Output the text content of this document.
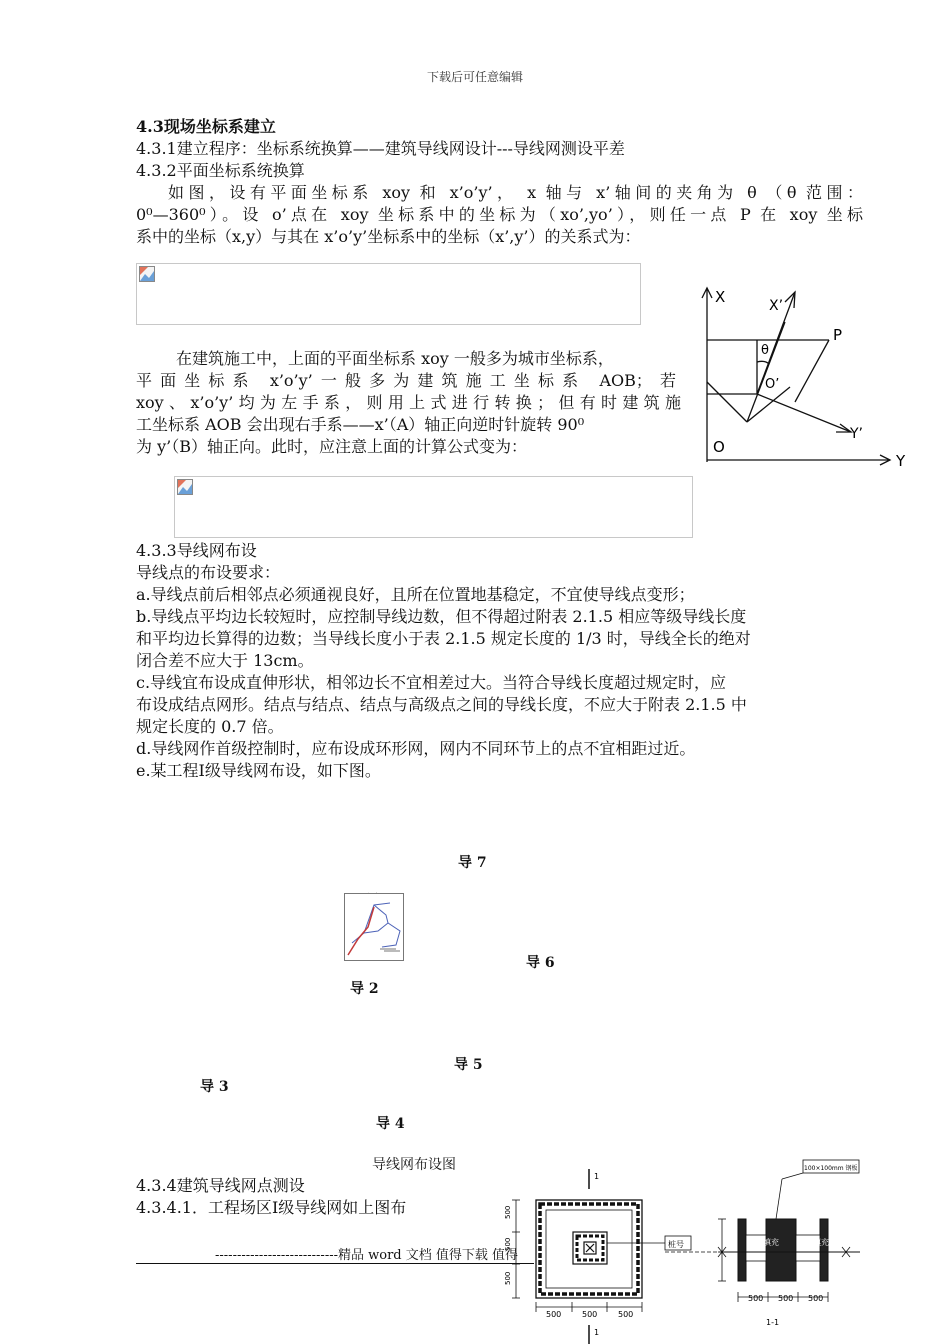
下载后可任意编辑
4.3现场坐标系建立
4.3.1建立程序：坐标系统换算——建筑导线网设计---导线网测设平差
4.3.2平面坐标系统换算
如图，设有平面坐标系 xoy 和 x’o’y’， x 轴与 x’轴间的夹角为 θ （θ 范围：
0⁰—360⁰）。设 o’点在 xoy 坐标系中的坐标为（xo’,yo’），则任一点 P 在 xoy 坐标
系中的坐标（x,y）与其在 x’o’y’坐标系中的坐标（x’,y’）的关系式为：
在建筑施工中，上面的平面坐标系 xoy 一般多为城市坐标系，
平面坐标系 x’o’y’一般多为建筑施工坐标系 AOB；若
xoy、x’o’y’均为左手系，则用上式进行转换；但有时建筑施
工坐标系 AOB 会出现右手系——x’（A）轴正向逆时针旋转 90⁰
为 y’（B）轴正向。此时，应注意上面的计算公式变为：
X	X’
P
θ
O’
Y’
O
Y
4.3.3导线网布设
导线点的布设要求：
a.导线点前后相邻点必须通视良好，且所在位置地基稳定，不宜使导线点变形；
b.导线点平均边长较短时，应控制导线边数，但不得超过附表 2.1.5 相应等级导线长度
和平均边长算得的边数；当导线长度小于表 2.1.5 规定长度的 1/3 时，导线全长的绝对
闭合差不应大于 13cm。
c.导线宜布设成直伸形状，相邻边长不宜相差过大。当符合导线长度超过规定时，应
布设成结点网形。结点与结点、结点与高级点之间的导线长度，不应大于附表 2.1.5 中
规定长度的 0.7 倍。
d.导线网作首级控制时，应布设成环形网，网内不同环节上的点不宜相距过近。
e.某工程Ⅰ级导线网布设，如下图。
导 7
导 6
导 2
导 5
导 3
导 4
导线网布设图
4.3.4建筑导线网点测设
4.3.4.1．工程场区Ⅰ级导线网如上图布
1
1
100×100mm 钢板
桩号	砂子填充 砂子填充
500
500
500
500	500	500
500 500 500
1-1
----------------------------精品 word 文档 值得下载 值得
